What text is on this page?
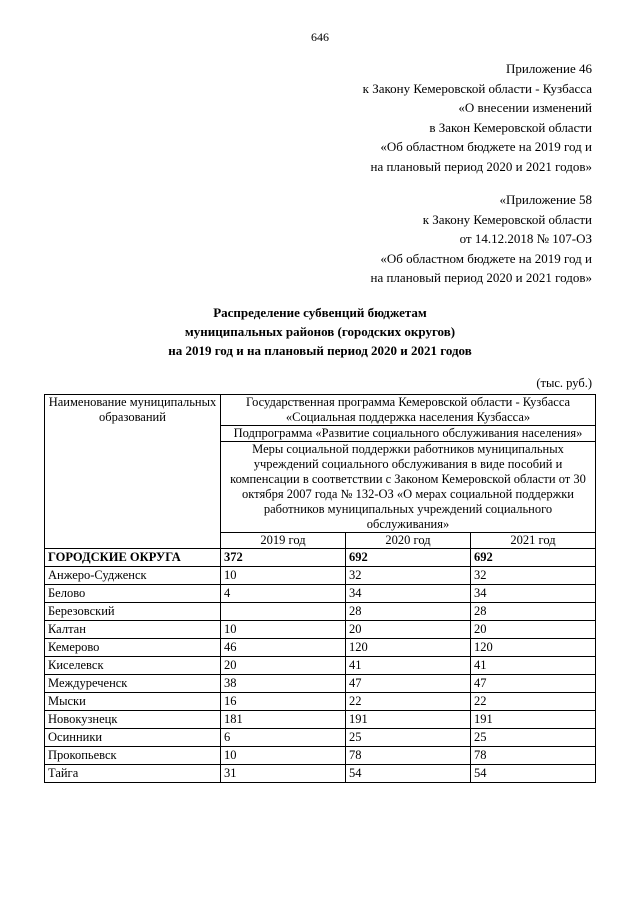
646
Приложение 46
к Закону Кемеровской области - Кузбасса
«О внесении изменений
в Закон Кемеровской области
«Об областном бюджете на 2019 год и
на плановый период 2020 и 2021 годов»
«Приложение 58
к Закону Кемеровской области
от 14.12.2018 № 107-ОЗ
«Об областном бюджете на 2019 год и
на плановый период 2020 и 2021 годов»
Распределение субвенций бюджетам
муниципальных районов (городских округов)
на 2019 год и на плановый период 2020 и 2021 годов
(тыс. руб.)
Наименование муниципальных образований	Государственная программа Кемеровской области - Кузбасса «Социальная поддержка населения Кузбасса»		
	Подпрограмма «Развитие социального обслуживания населения»		
	Меры социальной поддержки работников муниципальных учреждений социального обслуживания в виде пособий и компенсации в соответствии с Законом Кемеровской области от 30 октября 2007 года № 132-ОЗ «О мерах социальной поддержки работников муниципальных учреждений социального обслуживания»		
	2019 год	2020 год	2021 год
ГОРОДСКИЕ ОКРУГА	372	692	692
Анжеро-Судженск	10	32	32
Белово	4	34	34
Березовский		28	28
Калтан	10	20	20
Кемерово	46	120	120
Киселевск	20	41	41
Междуреченск	38	47	47
Мыски	16	22	22
Новокузнецк	181	191	191
Осинники	6	25	25
Прокопьевск	10	78	78
Тайга	31	54	54
